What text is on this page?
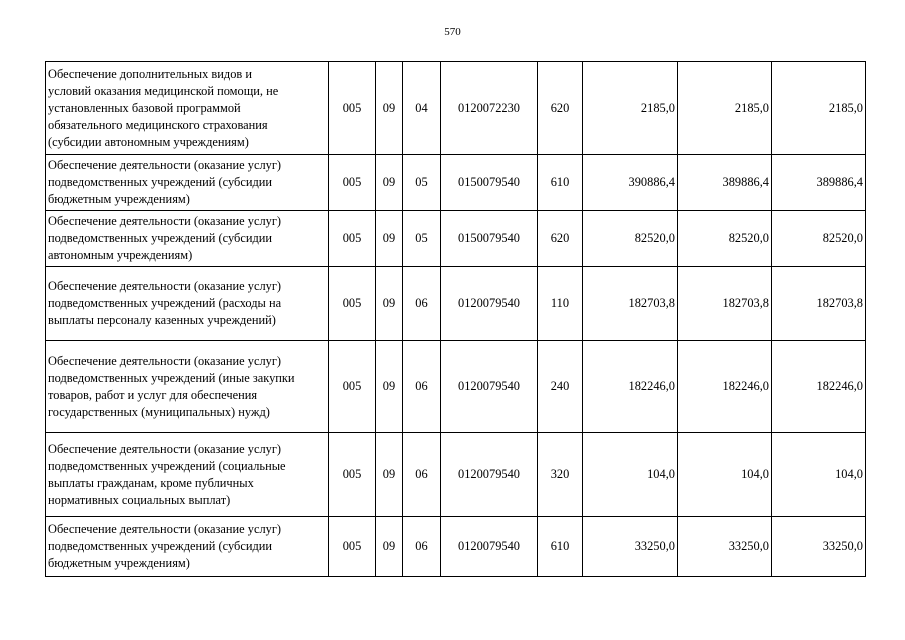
570
Обеспечение дополнительных видов и
условий оказания медицинской помощи, не
установленных базовой программой
обязательного медицинского страхования
(субсидии автономным учреждениям)	005	09	04	0120072230	620	2185,0	2185,0	2185,0

Обеспечение деятельности (оказание услуг)
подведомственных учреждений (субсидии
бюджетным учреждениям)	005	09	05	0150079540	610	390886,4	389886,4	389886,4

Обеспечение деятельности (оказание услуг)
подведомственных учреждений (субсидии
автономным учреждениям)	005	09	05	0150079540	620	82520,0	82520,0	82520,0

Обеспечение деятельности (оказание услуг)
подведомственных учреждений (расходы на
выплаты персоналу казенных учреждений)	005	09	06	0120079540	110	182703,8	182703,8	182703,8

Обеспечение деятельности (оказание услуг)
подведомственных учреждений (иные закупки
товаров, работ и услуг для обеспечения
государственных (муниципальных) нужд)	005	09	06	0120079540	240	182246,0	182246,0	182246,0

Обеспечение деятельности (оказание услуг)
подведомственных учреждений (социальные
выплаты гражданам, кроме публичных
нормативных социальных выплат)	005	09	06	0120079540	320	104,0	104,0	104,0

Обеспечение деятельности (оказание услуг)
подведомственных учреждений (субсидии
бюджетным учреждениям)	005	09	06	0120079540	610	33250,0	33250,0	33250,0
